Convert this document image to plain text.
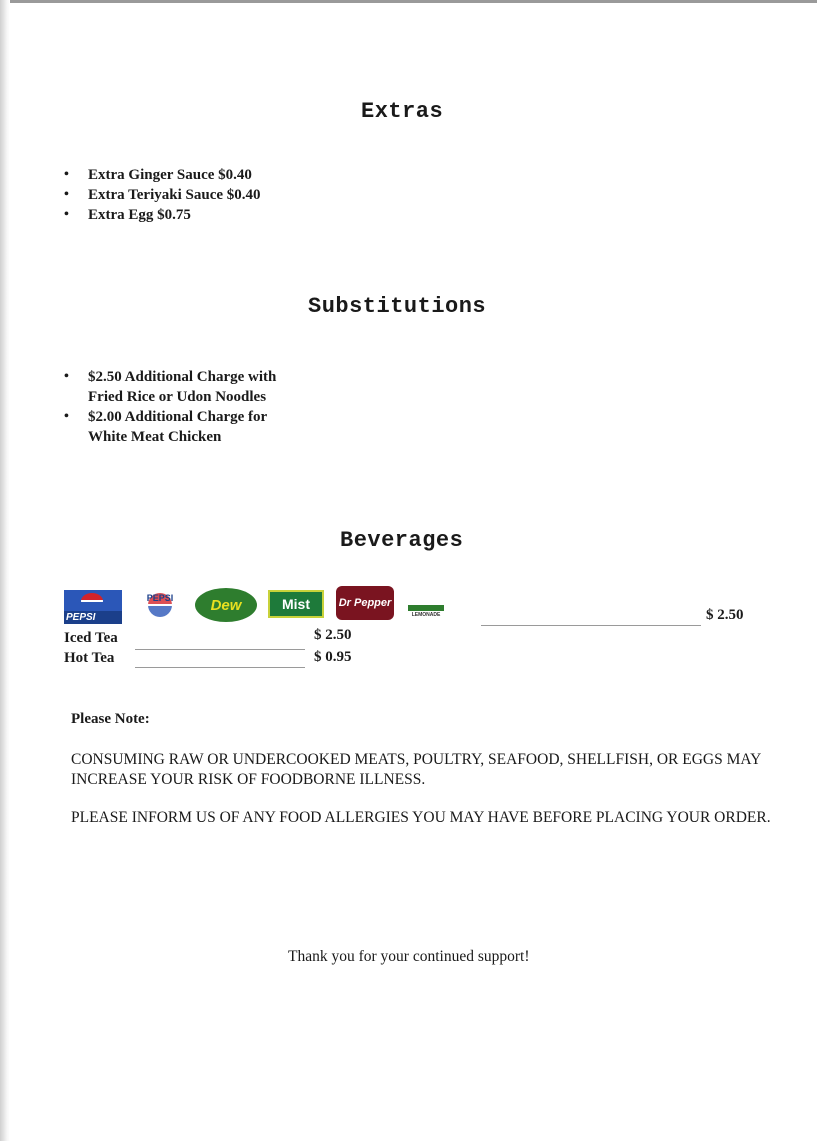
Extras
• Extra Ginger Sauce $0.40
• Extra Teriyaki Sauce $0.40
• Extra Egg $0.75
Substitutions
• $2.50 Additional Charge with Fried Rice or Udon Noodles
• $2.00 Additional Charge for White Meat Chicken
Beverages
PEPSI
PEPSI Dew	Mist	Dr Pepper
LEMONADE	$ 2.50
Iced Tea	$ 2.50
Hot Tea	$ 0.95
Please Note:
CONSUMING RAW OR UNDERCOOKED MEATS, POULTRY, SEAFOOD, SHELLFISH, OR EGGS MAY INCREASE YOUR RISK OF FOODBORNE ILLNESS.
PLEASE INFORM US OF ANY FOOD ALLERGIES YOU MAY HAVE BEFORE PLACING YOUR ORDER.
Thank you for your continued support!
